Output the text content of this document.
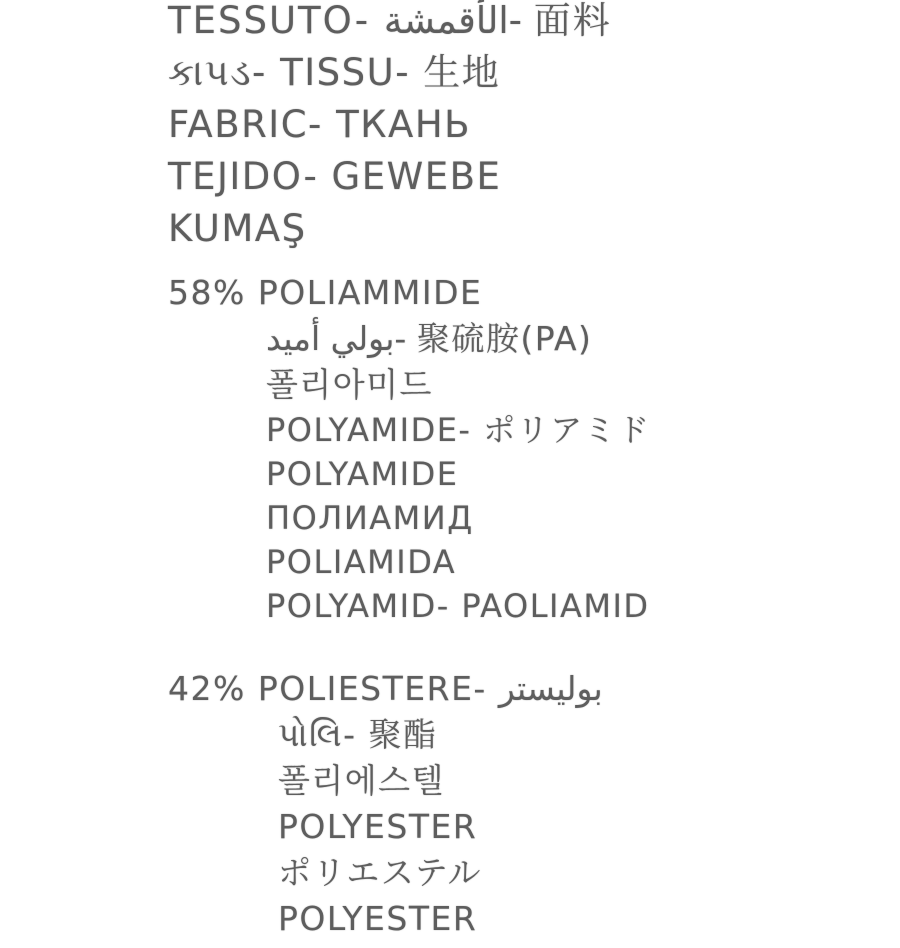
TESSUTO- الأقمشة- 面料
કાપડ- TISSU- 生地
FABRIC- ТКАНЬ
TEJIDO- GEWEBE
KUMAŞ
58% POLIAMMIDE
بولي أميد- 聚硫胺(PA)
폴리아미드
POLYAMIDE- ポリアミド
POLYAMIDE
ПОЛИАМИД
POLIAMIDA
POLYAMID- PAOLIAMID
42% POLIESTERE- بوليستر
પોલિ- 聚酯
폴리에스텔
POLYESTER
ポリエステル
POLYESTER
